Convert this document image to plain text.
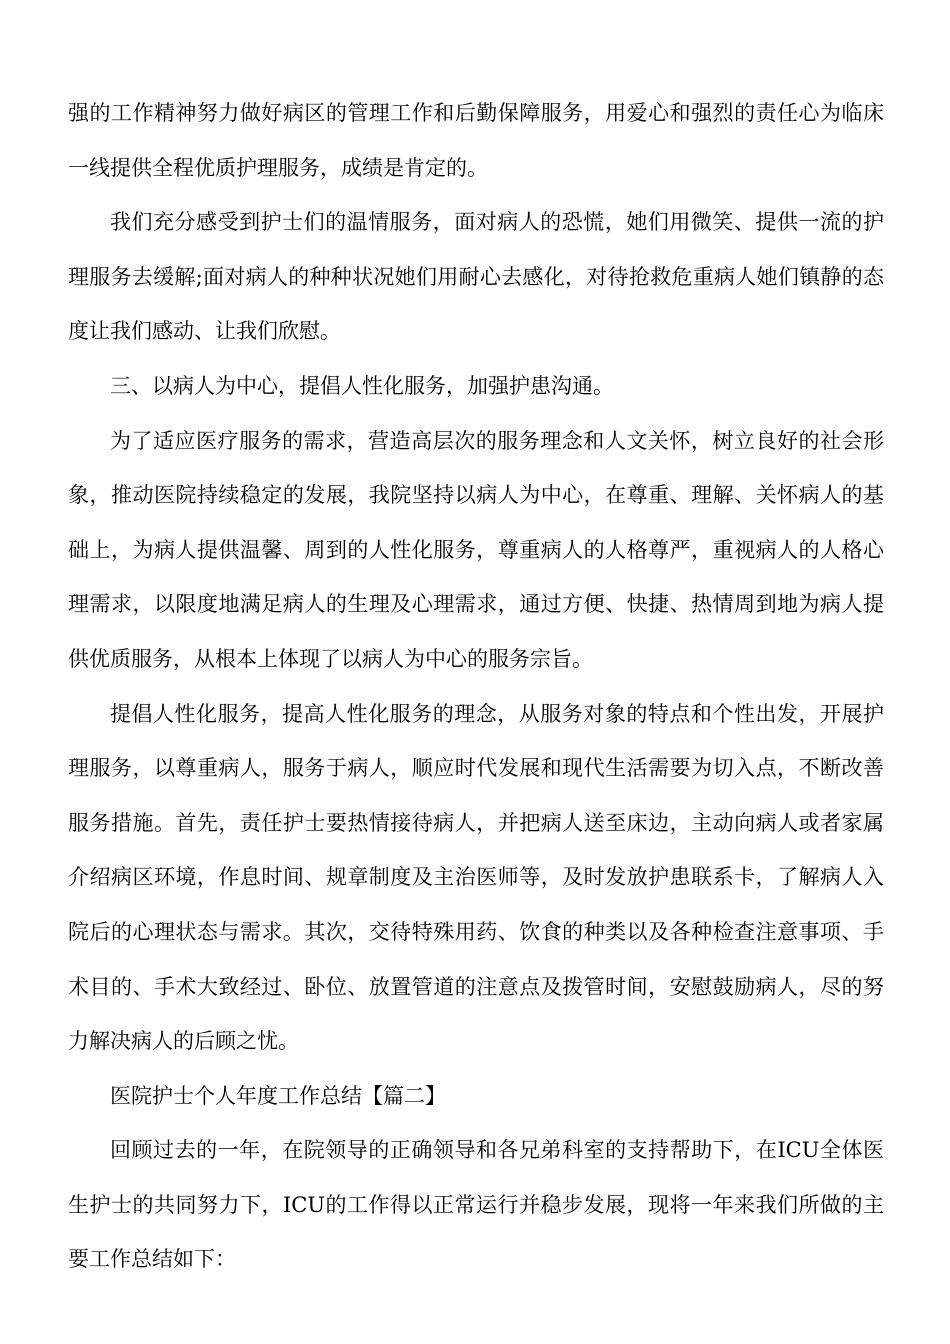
强的工作精神努力做好病区的管理工作和后勤保障服务，用爱心和强烈的责任心为临床一线提供全程优质护理服务，成绩是肯定的。

我们充分感受到护士们的温情服务，面对病人的恐慌，她们用微笑、提供一流的护理服务去缓解;面对病人的种种状况她们用耐心去感化，对待抢救危重病人她们镇静的态度让我们感动、让我们欣慰。

三、以病人为中心，提倡人性化服务，加强护患沟通。

为了适应医疗服务的需求，营造高层次的服务理念和人文关怀，树立良好的社会形象，推动医院持续稳定的发展，我院坚持以病人为中心，在尊重、理解、关怀病人的基础上，为病人提供温馨、周到的人性化服务，尊重病人的人格尊严，重视病人的人格心理需求，以限度地满足病人的生理及心理需求，通过方便、快捷、热情周到地为病人提供优质服务，从根本上体现了以病人为中心的服务宗旨。

提倡人性化服务，提高人性化服务的理念，从服务对象的特点和个性出发，开展护理服务，以尊重病人，服务于病人，顺应时代发展和现代生活需要为切入点，不断改善服务措施。首先，责任护士要热情接待病人，并把病人送至床边，主动向病人或者家属介绍病区环境，作息时间、规章制度及主治医师等，及时发放护患联系卡，了解病人入院后的心理状态与需求。其次，交待特殊用药、饮食的种类以及各种检查注意事项、手术目的、手术大致经过、卧位、放置管道的注意点及拨管时间，安慰鼓励病人，尽的努力解决病人的后顾之忧。

医院护士个人年度工作总结【篇二】

回顾过去的一年，在院领导的正确领导和各兄弟科室的支持帮助下，在ICU全体医生护士的共同努力下，ICU的工作得以正常运行并稳步发展，现将一年来我们所做的主要工作总结如下：
